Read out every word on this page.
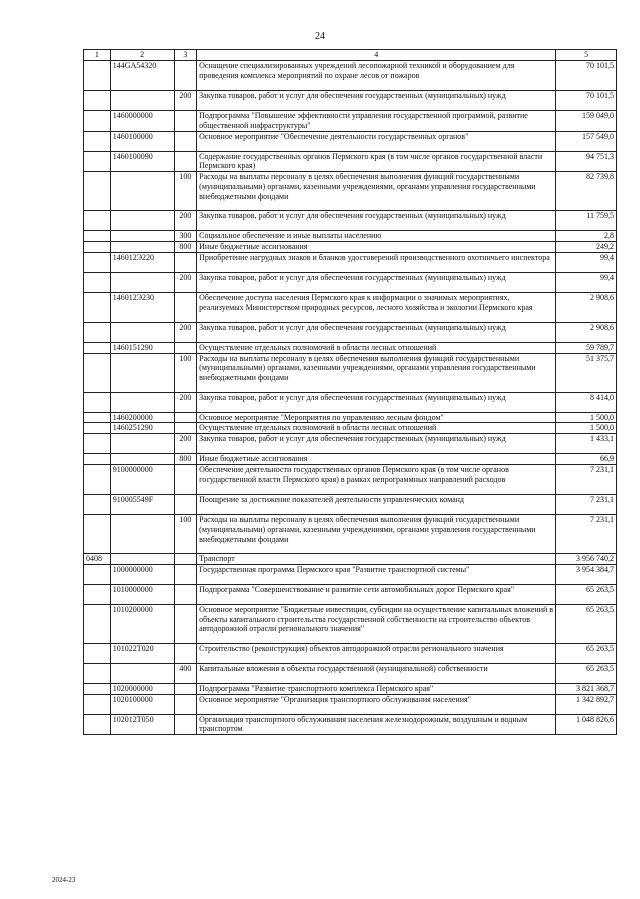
24
1	2	3	4	5
	144GA54320		Оснащение специализированных учреждений лесопожарной техникой и оборудованием для проведения комплекса мероприятий по охране лесов от пожаров	70 101,5
		200	Закупка товаров, работ и услуг для обеспечения государственных (муниципальных) нужд	70 101,5
	1460000000		Подпрограмма "Повышение эффективности управления государственной программой, развитие общественной инфраструктуры"	159 049,0
	1460100000		Основное мероприятие "Обеспечение деятельности государственных органов"	157 549,0
	1460100090		Содержание государственных органов Пермского края (в том числе органов государственной власти Пермского края)	94 751,3
		100	Расходы на выплаты персоналу в целях обеспечения выполнения функций государственными (муниципальными) органами, казенными учреждениями, органами управления государственными внебюджетными фондами	82 739,8
		200	Закупка товаров, работ и услуг для обеспечения государственных (муниципальных) нужд	11 759,5
		300	Социальное обеспечение и иные выплаты населению	2,8
		800	Иные бюджетные ассигнования	249,2
	146012Э220		Приобретение нагрудных знаков и бланков удостоверений производственного охотничьего инспектора	99,4
		200	Закупка товаров, работ и услуг для обеспечения государственных (муниципальных) нужд	99,4
	146012Э230		Обеспечение доступа населения Пермского края к информации о значимых мероприятиях, реализуемых Министерством природных ресурсов, лесного хозяйства и экологии Пермского края	2 908,6
		200	Закупка товаров, работ и услуг для обеспечения государственных (муниципальных) нужд	2 908,6
	1460151290		Осуществление отдельных полномочий в области лесных отношений	59 789,7
		100	Расходы на выплаты персоналу в целях обеспечения выполнения функций государственными (муниципальными) органами, казенными учреждениями, органами управления государственными внебюджетными фондами	51 375,7
		200	Закупка товаров, работ и услуг для обеспечения государственных (муниципальных) нужд	8 414,0
	1460200000		Основное мероприятие "Мероприятия по управлению лесным фондом"	1 500,0
	1460251290		Осуществление отдельных полномочий в области лесных отношений	1 500,0
		200	Закупка товаров, работ и услуг для обеспечения государственных (муниципальных) нужд	1 433,1
		800	Иные бюджетные ассигнования	66,9
	9100000000		Обеспечение деятельности государственных органов Пермского края (в том числе органов государственной власти Пермского края) в рамках непрограммных направлений расходов	7 231,1
	910005549F		Поощрение за достижение показателей деятельности управленческих команд	7 231,1
		100	Расходы на выплаты персоналу в целях обеспечения выполнения функций государственными (муниципальными) органами, казенными учреждениями, органами управления государственными внебюджетными фондами	7 231,1
0408			Транспорт	3 956 740,2
	1000000000		Государственная программа Пермского края "Развитие транспортной системы"	3 954 384,7
	1010000000		Подпрограмма "Совершенствование и развитие сети автомобильных дорог Пермского края"	65 263,5
	1010200000		Основное мероприятие "Бюджетные инвестиции, субсидии на осуществление капитальных вложений в объекты капитального строительства государственной собственности на строительство объектов автодорожной отрасли регионального значения"	65 263,5
	101022Т020		Строительство (реконструкция) объектов автодорожной отрасли регионального значения	65 263,5
		400	Капитальные вложения в объекты государственной (муниципальной) собственности	65 263,5
	1020000000		Подпрограмма "Развитие транспортного комплекса Пермского края"	3 821 368,7
	1020100000		Основное мероприятие "Организация транспортного обслуживания населения"	1 342 892,7
	102012Т050		Организация транспортного обслуживания населения железнодорожным, воздушным и водным транспортом	1 048 826,6
2024-23
